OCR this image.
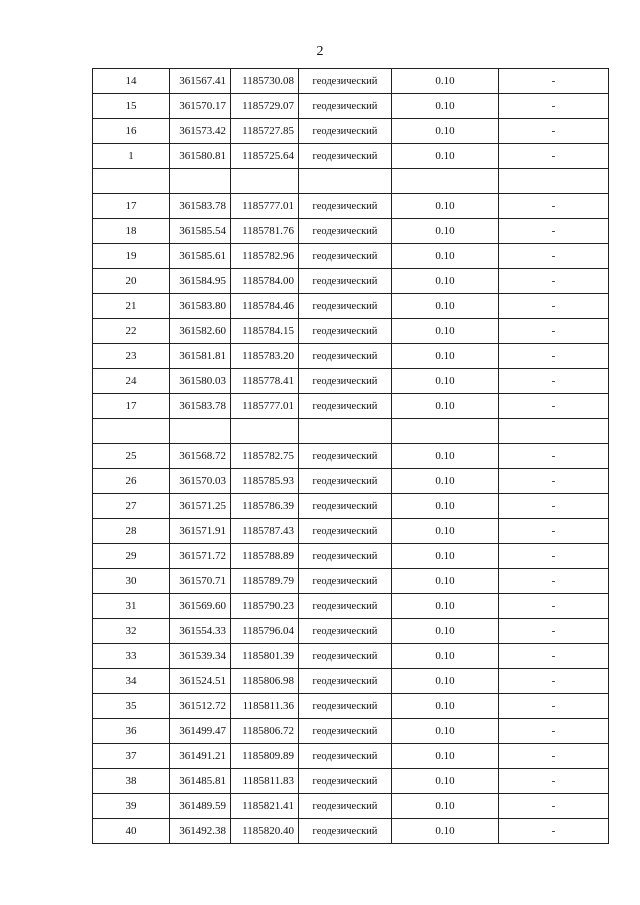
2
14	361567.41	1185730.08	геодезический	0.10	-
15	361570.17	1185729.07	геодезический	0.10	-
16	361573.42	1185727.85	геодезический	0.10	-
1	361580.81	1185725.64	геодезический	0.10	-

17	361583.78	1185777.01	геодезический	0.10	-
18	361585.54	1185781.76	геодезический	0.10	-
19	361585.61	1185782.96	геодезический	0.10	-
20	361584.95	1185784.00	геодезический	0.10	-
21	361583.80	1185784.46	геодезический	0.10	-
22	361582.60	1185784.15	геодезический	0.10	-
23	361581.81	1185783.20	геодезический	0.10	-
24	361580.03	1185778.41	геодезический	0.10	-
17	361583.78	1185777.01	геодезический	0.10	-

25	361568.72	1185782.75	геодезический	0.10	-
26	361570.03	1185785.93	геодезический	0.10	-
27	361571.25	1185786.39	геодезический	0.10	-
28	361571.91	1185787.43	геодезический	0.10	-
29	361571.72	1185788.89	геодезический	0.10	-
30	361570.71	1185789.79	геодезический	0.10	-
31	361569.60	1185790.23	геодезический	0.10	-
32	361554.33	1185796.04	геодезический	0.10	-
33	361539.34	1185801.39	геодезический	0.10	-
34	361524.51	1185806.98	геодезический	0.10	-
35	361512.72	1185811.36	геодезический	0.10	-
36	361499.47	1185806.72	геодезический	0.10	-
37	361491.21	1185809.89	геодезический	0.10	-
38	361485.81	1185811.83	геодезический	0.10	-
39	361489.59	1185821.41	геодезический	0.10	-
40	361492.38	1185820.40	геодезический	0.10	-
